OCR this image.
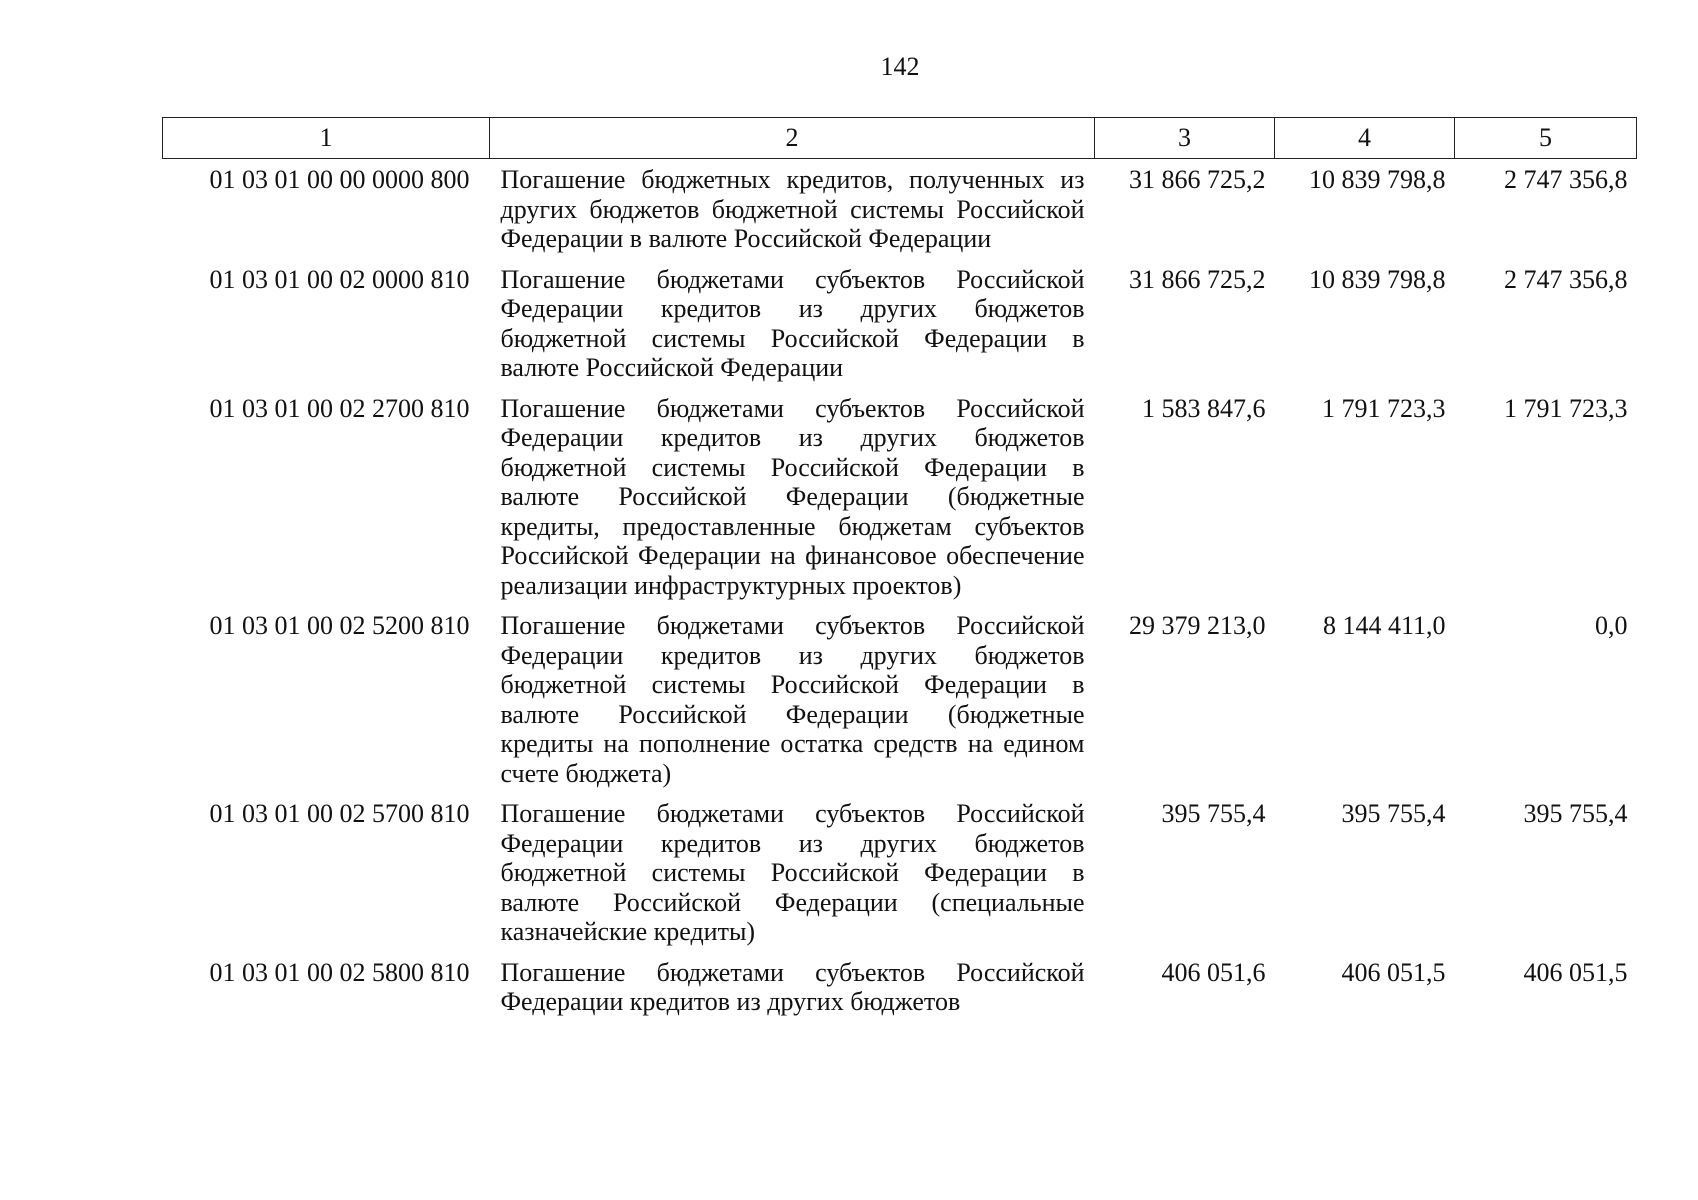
142
1	2	3	4	5
01 03 01 00 00 0000 800	Погашение бюджетных кредитов, полученных из других бюджетов бюджетной системы Российской Федерации в валюте Российской Федерации	31 866 725,2	10 839 798,8	2 747 356,8
01 03 01 00 02 0000 810	Погашение бюджетами субъектов Российской Федерации кредитов из других бюджетов бюджетной системы Российской Федерации в валюте Российской Федерации	31 866 725,2	10 839 798,8	2 747 356,8
01 03 01 00 02 2700 810	Погашение бюджетами субъектов Российской Федерации кредитов из других бюджетов бюджетной системы Российской Федерации в валюте Российской Федерации (бюджетные кредиты, предоставленные бюджетам субъектов Российской Федерации на финансовое обеспечение реализации инфраструктурных проектов)	1 583 847,6	1 791 723,3	1 791 723,3
01 03 01 00 02 5200 810	Погашение бюджетами субъектов Российской Федерации кредитов из других бюджетов бюджетной системы Российской Федерации в валюте Российской Федерации (бюджетные кредиты на пополнение остатка средств на едином счете бюджета)	29 379 213,0	8 144 411,0	0,0
01 03 01 00 02 5700 810	Погашение бюджетами субъектов Российской Федерации кредитов из других бюджетов бюджетной системы Российской Федерации в валюте Российской Федерации (специальные казначейские кредиты)	395 755,4	395 755,4	395 755,4
01 03 01 00 02 5800 810	Погашение бюджетами субъектов Российской Федерации кредитов из других бюджетов	406 051,6	406 051,5	406 051,5
